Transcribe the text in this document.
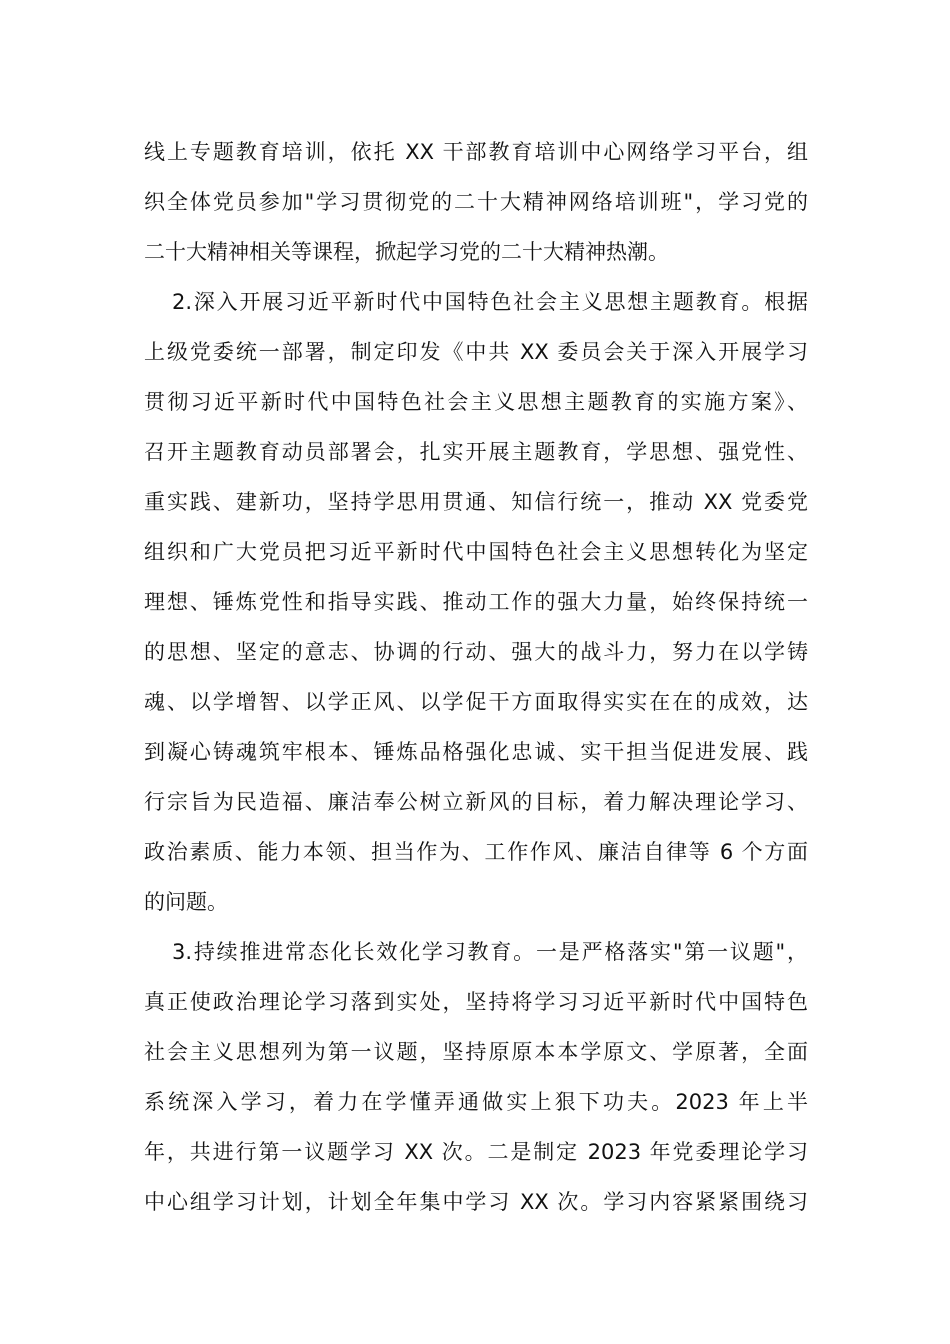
线上专题教育培训，依托 XX 干部教育培训中心网络学习平台，组
织全体党员参加"学习贯彻党的二十大精神网络培训班"，学习党的
二十大精神相关等课程，掀起学习党的二十大精神热潮。
2.深入开展习近平新时代中国特色社会主义思想主题教育。根据
上级党委统一部署，制定印发《中共 XX 委员会关于深入开展学习
贯彻习近平新时代中国特色社会主义思想主题教育的实施方案》、
召开主题教育动员部署会，扎实开展主题教育，学思想、强党性、
重实践、建新功，坚持学思用贯通、知信行统一，推动 XX 党委党
组织和广大党员把习近平新时代中国特色社会主义思想转化为坚定
理想、锤炼党性和指导实践、推动工作的强大力量，始终保持统一
的思想、坚定的意志、协调的行动、强大的战斗力，努力在以学铸
魂、以学增智、以学正风、以学促干方面取得实实在在的成效，达
到凝心铸魂筑牢根本、锤炼品格强化忠诚、实干担当促进发展、践
行宗旨为民造福、廉洁奉公树立新风的目标，着力解决理论学习、
政治素质、能力本领、担当作为、工作作风、廉洁自律等 6 个方面
的问题。
3.持续推进常态化长效化学习教育。一是严格落实"第一议题"，
真正使政治理论学习落到实处，坚持将学习习近平新时代中国特色
社会主义思想列为第一议题，坚持原原本本学原文、学原著，全面
系统深入学习，着力在学懂弄通做实上狠下功夫。2023 年上半
年，共进行第一议题学习 XX 次。二是制定 2023 年党委理论学习
中心组学习计划，计划全年集中学习 XX 次。学习内容紧紧围绕习
